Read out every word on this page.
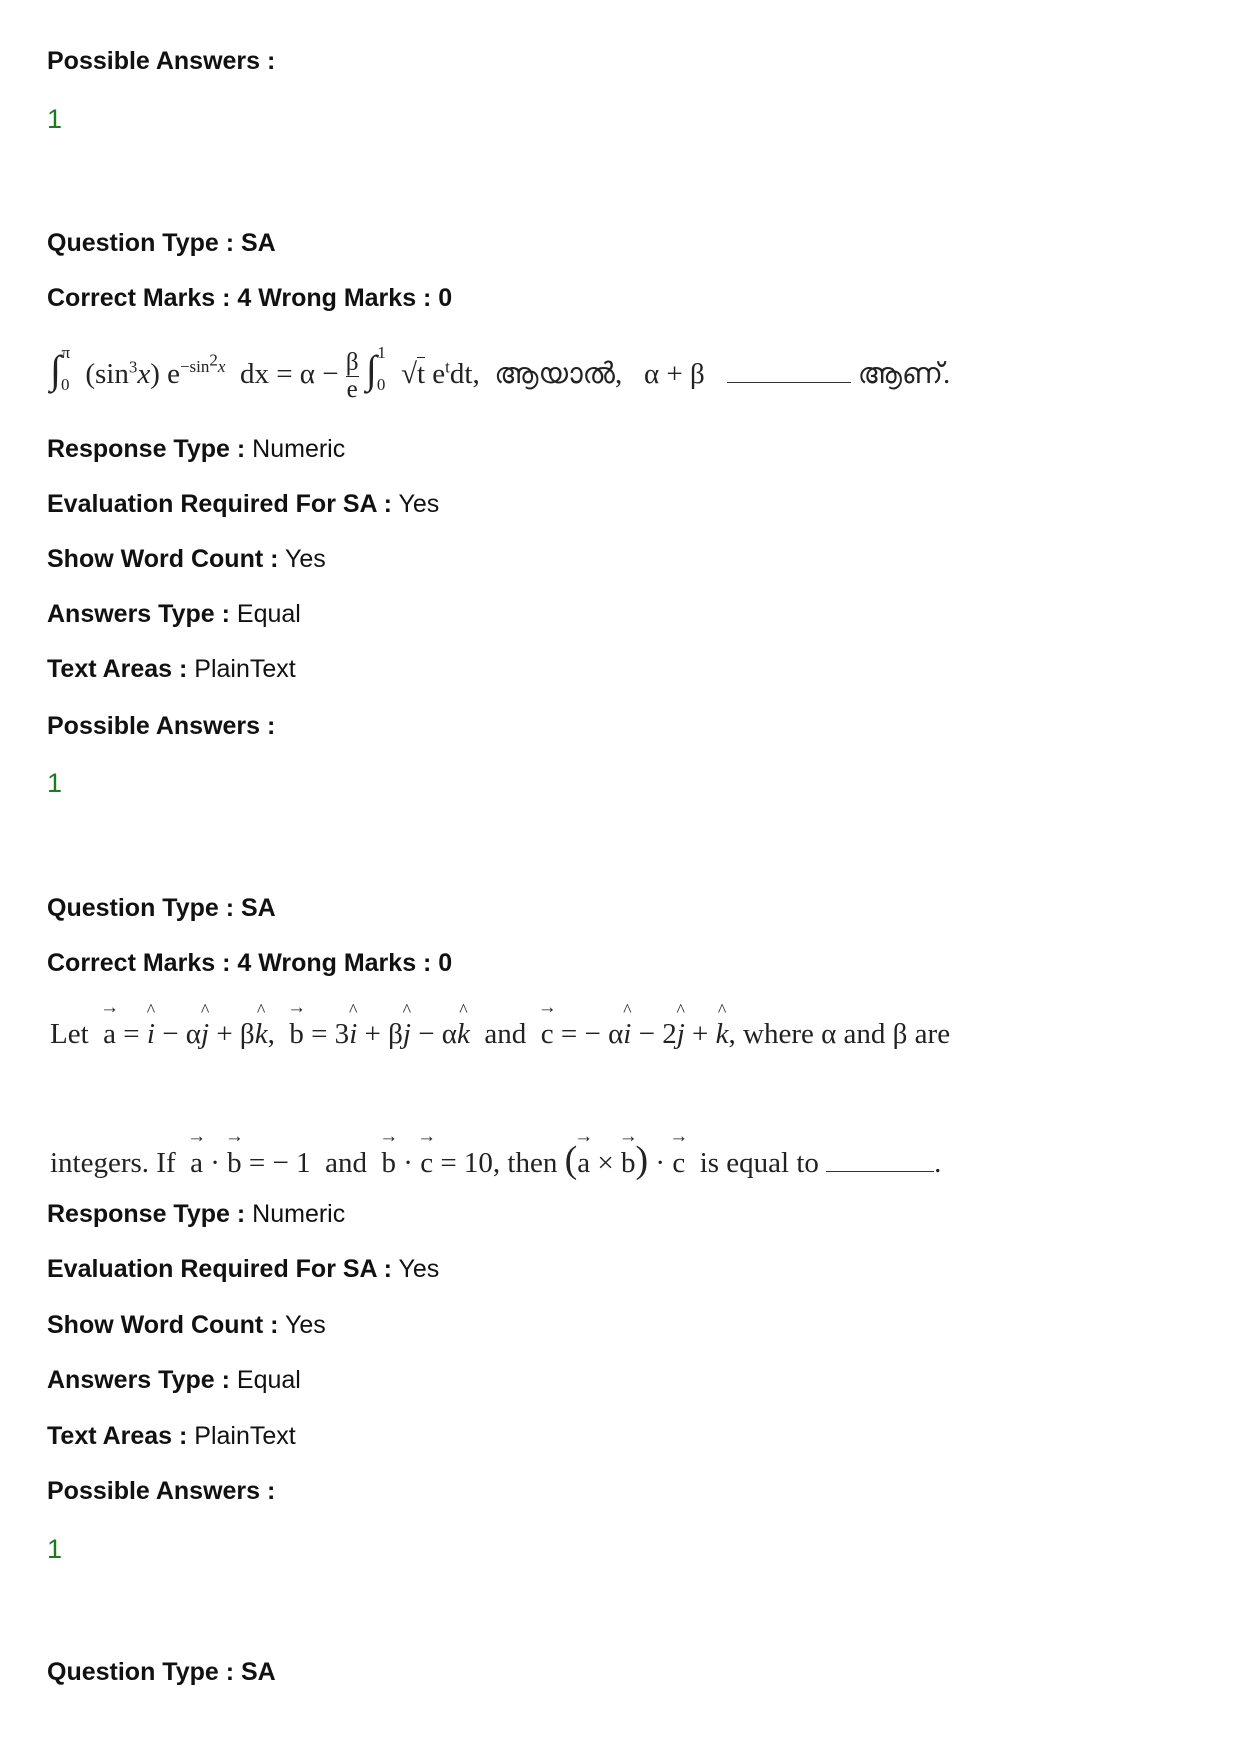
Possible Answers :
1
Question Type : SA
Correct Marks : 4 Wrong Marks : 0
$\int_0^\pi$ $(\sin^3x)$ $e^{-sin^2x}$ dx = $\alpha - \frac{\beta}{e} \int_0^1$ √t $e^tdt$,  ആയാൽ, α + β	ആണ്.
Response Type : Numeric
Evaluation Required For SA : Yes
Show Word Count : Yes
Answers Type : Equal
Text Areas : PlainText
Possible Answers :
1
Question Type : SA
Correct Marks : 4 Wrong Marks : 0
Let → a = ^ i − α^ j + β^ k,  → b = 3^ i + β^ j − α^ k and → c = − α^ i − 2^ j + ^ k, where α and β are
integers. If → a · → b = − 1  and → b · → c = 10, then (→ a × → b) · → c is equal to	.
Response Type : Numeric
Evaluation Required For SA : Yes
Show Word Count : Yes
Answers Type : Equal
Text Areas : PlainText
Possible Answers :
1
Question Type : SA
